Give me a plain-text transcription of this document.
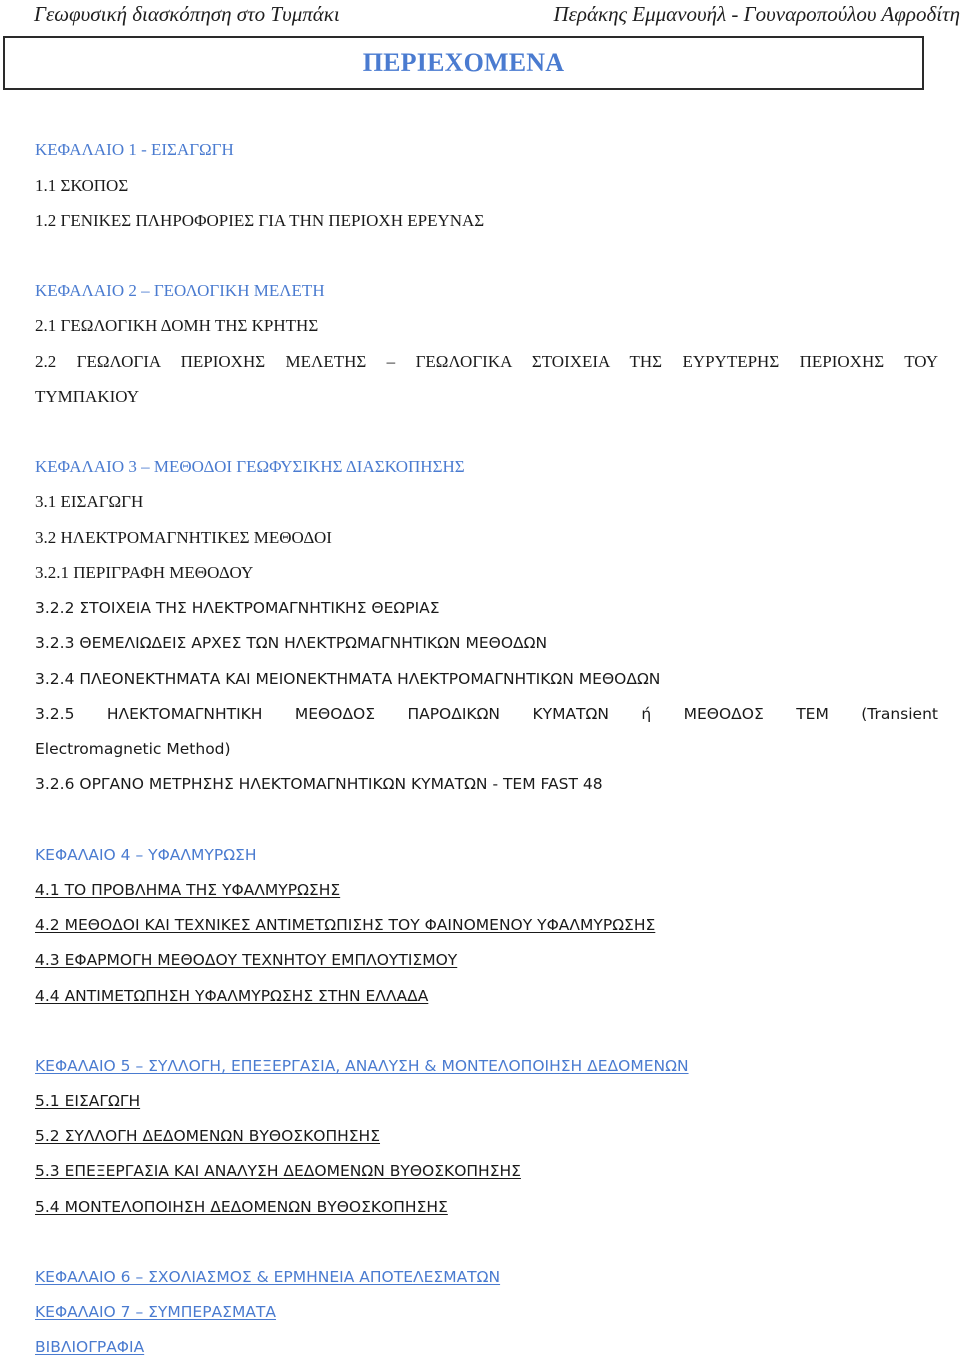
Γεωφυσική διασκόπηση στο Τυμπάκι	Περάκης Εμμανουήλ - Γουναροπούλου Αφροδίτη
ΠΕΡΙΕΧΟΜΕΝΑ
ΚΕΦΑΛΑΙΟ 1 - ΕΙΣΑΓΩΓΗ
1.1 ΣΚΟΠΟΣ
1.2 ΓΕΝΙΚΕΣ ΠΛΗΡΟΦΟΡΙΕΣ ΓΙΑ ΤΗΝ ΠΕΡΙΟΧΗ ΕΡΕΥΝΑΣ
ΚΕΦΑΛΑΙΟ 2 – ΓΕΟΛΟΓΙΚΗ ΜΕΛΕΤΗ
2.1 ΓΕΩΛΟΓΙΚΗ ΔΟΜΗ ΤΗΣ ΚΡΗΤΗΣ
2.2 ΓΕΩΛΟΓΙΑ ΠΕΡΙΟΧΗΣ ΜΕΛΕΤΗΣ – ΓΕΩΛΟΓΙΚΑ ΣΤΟΙΧΕΙΑ ΤΗΣ ΕΥΡΥΤΕΡΗΣ ΠΕΡΙΟΧΗΣ ΤΟΥ
ΤΥΜΠΑΚΙΟΥ
ΚΕΦΑΛΑΙΟ 3 – ΜΕΘΟΔΟΙ ΓΕΩΦΥΣΙΚΗΣ ΔΙΑΣΚΟΠΗΣΗΣ
3.1 ΕΙΣΑΓΩΓΗ
3.2 ΗΛΕΚΤΡΟΜΑΓΝΗΤΙΚΕΣ ΜΕΘΟΔΟΙ
3.2.1 ΠΕΡΙΓΡΑΦΗ ΜΕΘΟΔΟΥ
3.2.2 ΣΤΟΙΧΕΙΑ ΤΗΣ ΗΛΕΚΤΡΟΜΑΓΝΗΤΙΚΗΣ ΘΕΩΡΙΑΣ
3.2.3 ΘΕΜΕΛΙΩΔΕΙΣ ΑΡΧΕΣ ΤΩΝ ΗΛΕΚΤΡΩΜΑΓΝΗΤΙΚΩΝ ΜΕΘΟΔΩΝ
3.2.4 ΠΛΕΟΝΕΚΤΗΜΑΤΑ ΚΑΙ ΜΕΙΟΝΕΚΤΗΜΑΤΑ ΗΛΕΚΤΡΟΜΑΓΝΗΤΙΚΩΝ ΜΕΘΟΔΩΝ
3.2.5 ΗΛΕΚΤΟΜΑΓΝΗΤΙΚΗ ΜΕΘΟΔΟΣ ΠΑΡΟΔΙΚΩΝ ΚΥΜΑΤΩΝ ή ΜΕΘΟΔΟΣ ΤΕΜ (Transient
Electromagnetic Method)
3.2.6 ΟΡΓΑΝΟ ΜΕΤΡΗΣΗΣ ΗΛΕΚΤΟΜΑΓΝΗΤΙΚΩΝ ΚΥΜΑΤΩΝ - TEM FAST 48
ΚΕΦΑΛΑΙΟ 4 – ΥΦΑΛΜΥΡΩΣΗ
4.1 ΤΟ ΠΡΟΒΛΗΜΑ ΤΗΣ ΥΦΑΛΜΥΡΩΣΗΣ
4.2 ΜΕΘΟΔΟΙ ΚΑΙ ΤΕΧΝΙΚΕΣ ΑΝΤΙΜΕΤΩΠΙΣΗΣ ΤΟΥ ΦΑΙΝΟΜΕΝΟΥ ΥΦΑΛΜΥΡΩΣΗΣ
4.3 ΕΦΑΡΜΟΓΗ ΜΕΘΟΔΟΥ ΤΕΧΝΗΤΟΥ ΕΜΠΛΟΥΤΙΣΜΟΥ
4.4 ΑΝΤΙΜΕΤΩΠΗΣΗ ΥΦΑΛΜΥΡΩΣΗΣ ΣΤΗΝ ΕΛΛΑΔΑ
ΚΕΦΑΛΑΙΟ 5 – ΣΥΛΛΟΓΗ, ΕΠΕΞΕΡΓΑΣΙΑ, ΑΝΑΛΥΣΗ & ΜΟΝΤΕΛΟΠΟΙΗΣΗ ΔΕΔΟΜΕΝΩΝ
5.1 ΕΙΣΑΓΩΓΗ
5.2 ΣΥΛΛΟΓΗ ΔΕΔΟΜΕΝΩΝ ΒΥΘΟΣΚΟΠΗΣΗΣ
5.3 ΕΠΕΞΕΡΓΑΣΙΑ ΚΑΙ ΑΝΑΛΥΣΗ ΔΕΔΟΜΕΝΩΝ ΒΥΘΟΣΚΟΠΗΣΗΣ
5.4 ΜΟΝΤΕΛΟΠΟΙΗΣΗ ΔΕΔΟΜΕΝΩΝ ΒΥΘΟΣΚΟΠΗΣΗΣ
ΚΕΦΑΛΑΙΟ 6 – ΣΧΟΛΙΑΣΜΟΣ & ΕΡΜΗΝΕΙΑ ΑΠΟΤΕΛΕΣΜΑΤΩΝ
ΚΕΦΑΛΑΙΟ 7 – ΣΥΜΠΕΡΑΣΜΑΤΑ
ΒΙΒΛΙΟΓΡΑΦΙΑ
